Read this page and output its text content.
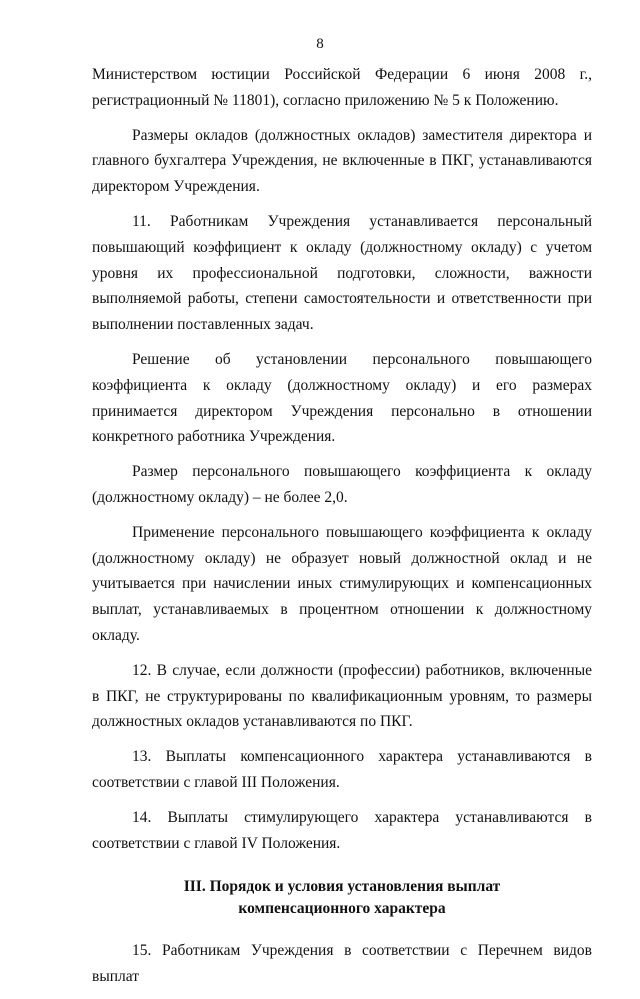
8

Министерством юстиции Российской Федерации 6 июня 2008 г., регистрационный № 11801), согласно приложению № 5 к Положению.

Размеры окладов (должностных окладов) заместителя директора и главного бухгалтера Учреждения, не включенные в ПКГ, устанавливаются директором Учреждения.

11. Работникам Учреждения устанавливается персональный повышающий коэффициент к окладу (должностному окладу) с учетом уровня их профессиональной подготовки, сложности, важности выполняемой работы, степени самостоятельности и ответственности при выполнении поставленных задач.

Решение об установлении персонального повышающего коэффициента к окладу (должностному окладу) и его размерах принимается директором Учреждения персонально в отношении конкретного работника Учреждения.

Размер персонального повышающего коэффициента к окладу (должностному окладу) – не более 2,0.

Применение персонального повышающего коэффициента к окладу (должностному окладу) не образует новый должностной оклад и не учитывается при начислении иных стимулирующих и компенсационных выплат, устанавливаемых в процентном отношении к должностному окладу.

12. В случае, если должности (профессии) работников, включенные в ПКГ, не структурированы по квалификационным уровням, то размеры должностных окладов устанавливаются по ПКГ.

13. Выплаты компенсационного характера устанавливаются в соответствии с главой III Положения.

14. Выплаты стимулирующего характера устанавливаются в соответствии с главой IV Положения.

III. Порядок и условия установления выплат
компенсационного характера

15. Работникам Учреждения в соответствии с Перечнем видов выплат
